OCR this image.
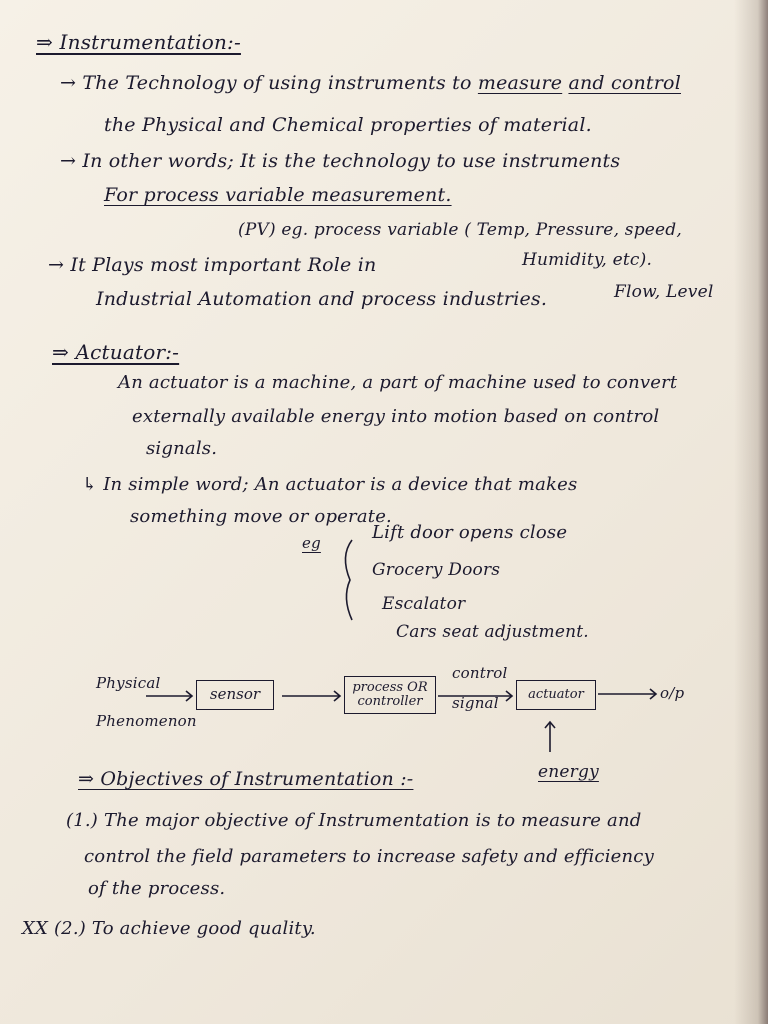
⇒ Instrumentation:-
→ The Technology of using instruments to measure and control
the Physical and Chemical properties of material.
→ In other words; It is the technology to use instruments
For process variable measurement.
(PV) eg. process variable ( Temp, Pressure, speed,
→ It Plays most important Role in	Humidity, etc).
Industrial Automation and process industries.	Flow, Level
⇒ Actuator:-
An actuator is a machine, a part of machine used to convert
externally available energy into motion based on control
signals.
↳ In simple word; An actuator is a device that makes
something move or operate.
eg	Lift door opens close
Grocery Doors
Escalator
Cars seat adjustment.
Physical
Phenomenon
sensor	process OR controller
control
signal	actuator	o/p
energy
⇒ Objectives of Instrumentation :-
(1.) The major objective of Instrumentation is to measure and
control the field parameters to increase safety and efficiency
of the process.
XX (2.) To achieve good quality.
